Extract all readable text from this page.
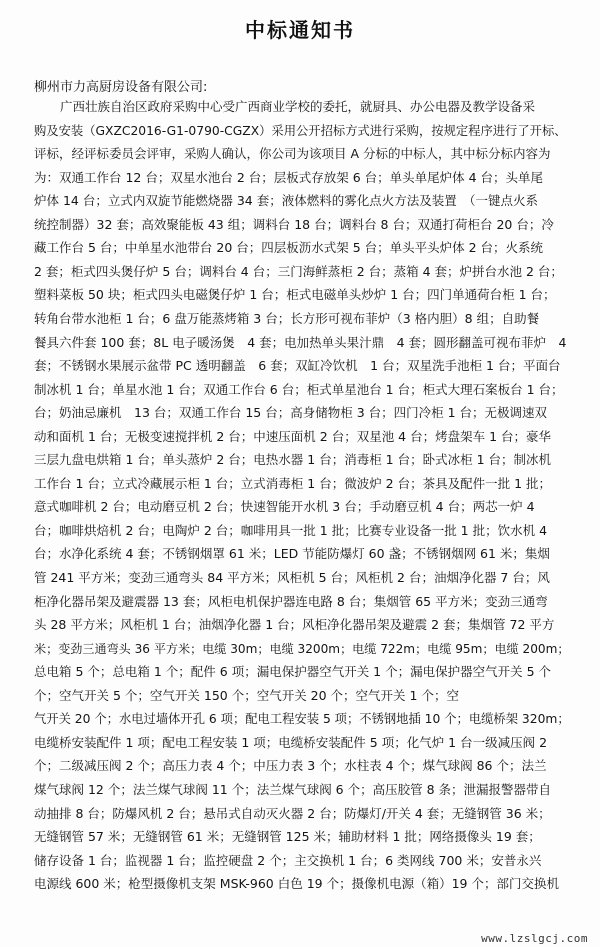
中标通知书

柳州市力高厨房设备有限公司:

广西壮族自治区政府采购中心受广西商业学校的委托，就厨具、办公电器及教学设备采
购及安装（GXZC2016-G1-0790-CGZX）采用公开招标方式进行采购，按规定程序进行了开标、
评标，经评标委员会评审，采购人确认，你公司为该项目 A 分标的中标人，其中标分标内容为
为：双通工作台 12 台；双星水池台 2 台；层板式存放架 6 台；单头单尾炉体 4 台；头单尾
炉体 14 台；立式内双旋节能燃烧器 34 套；液体燃料的雾化点火方法及装置　（一键点火系
统控制器）32 套；高效聚能板 43 组；调料台 18 台；调料台 8 台；双通打荷柜台 20 台；冷
藏工作台 5 台；中单星水池带台 20 台；四层板沥水式架 5 台；单头平头炉体 2 台；火系统
2 套；柜式四头煲仔炉 5 台；调料台 4 台；三门海鲜蒸柜 2 台；蒸箱 4 套；炉拼台水池 2 台；
塑料菜板 50 块；柜式四头电磁煲仔炉 1 台；柜式电磁单头炒炉 1 台；四门单通荷台柜 1 台；
转角台带水池柜 1 台；6 盘万能蒸烤箱 3 台；长方形可视布菲炉（3 格内胆）8 组；自助餐
餐具六件套 100 套；8L 电子暖汤煲　4 套；电加热单头果汁鼎　4 套；圆形翻盖可视布菲炉　4
套；不锈钢水果展示盆带 PC 透明翻盖　6 套；双缸冷饮机　1 台；双星洗手池柜 1 台；平面台
制冰机 1 台；单星水池 1 台；双通工作台 6 台；柜式单星池台 1 台；柜式大理石案板台 1 台；
台；奶油忌廉机　13 台；双通工作台 15 台；高身储物柜 3 台；四门冷柜 1 台；无极调速双
动和面机 1 台；无极变速搅拌机 2 台；中速压面机 2 台；双星池 4 台；烤盘架车 1 台；豪华
三层九盘电烘箱 1 台；单头蒸炉 2 台；电热水器 1 台；消毒柜 1 台；卧式冰柜 1 台；制冰机
工作台 1 台；立式冷藏展示柜 1 台；立式消毒柜 1 台；微波炉 2 台；茶具及配件一批 1 批；
意式咖啡机 2 台；电动磨豆机 2 台；快速智能开水机 3 台；手动磨豆机 4 台；两芯一炉 4
台；咖啡烘焙机 2 台；电陶炉 2 台；咖啡用具一批 1 批；比赛专业设备一批 1 批；饮水机 4
台；水净化系统 4 套；不锈钢烟罩 61 米；LED 节能防爆灯 60 盏；不锈钢烟网 61 米；集烟
管 241 平方米；变劲三通弯头 84 平方米；风柜机 5 台；风柜机 2 台；油烟净化器 7 台；风
柜净化器吊架及避震器 13 套；风柜电机保护器连电路 8 台；集烟管 65 平方米；变劲三通弯
头 28 平方米；风柜机 1 台；油烟净化器 1 台；风柜净化器吊架及避震 2 套；集烟管 72 平方
米；变劲三通弯头 36 平方米；电缆 30m；电缆 3200m；电缆 722m；电缆 95m；电缆 200m；
总电箱 5 个；总电箱 1 个；配件 6 项；漏电保护器空气开关 1 个；漏电保护器空气开关 5 个
个；空气开关 5 个；空气开关 150 个；空气开关 20 个；空气开关 1 个；空
气开关 20 个；水电过墙体开孔 6 项；配电工程安装 5 项；不锈钢地插 10 个；电缆桥架 320m；
电缆桥安装配件 1 项；配电工程安装 1 项；电缆桥安装配件 5 项；化气炉 1 台一级减压阀 2
个；二级减压阀 2 个；高压力表 4 个；中压力表 3 个；水柱表 4 个；煤气球阀 86 个；法兰
煤气球阀 12 个；法兰煤气球阀 11 个；法兰煤气球阀 6 个；高压胶管 8 条；泄漏报警器带自
动抽排 8 台；防爆风机 2 台；悬吊式自动灭火器 2 台；防爆灯/开关 4 套；无缝钢管 36 米；
无缝钢管 57 米；无缝钢管 61 米；无缝钢管 125 米；辅助材料 1 批；网络摄像头 19 套；
储存设备 1 台；监视器 1 台；监控硬盘 2 个；主交换机 1 台；6 类网线 700 米；安普永兴
电源线 600 米；枪型摄像机支架 MSK-960 白色 19 个；摄像机电源（箱）19 个；部门交换机
www.lzslgcj.com
